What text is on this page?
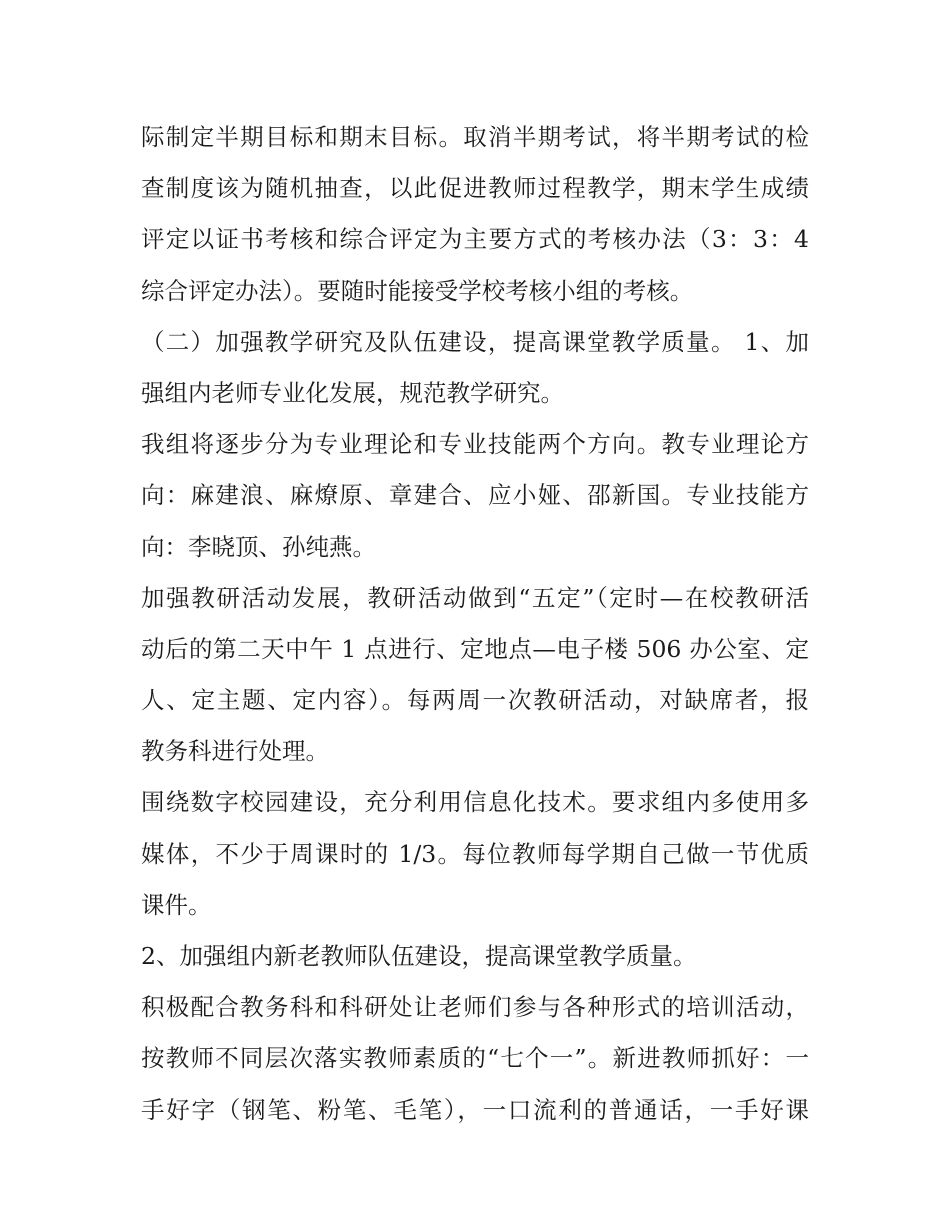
际制定半期目标和期末目标。取消半期考试，将半期考试的检
查制度该为随机抽查，以此促进教师过程教学，期末学生成绩
评定以证书考核和综合评定为主要方式的考核办法（3：3：4
综合评定办法）。要随时能接受学校考核小组的考核。
（二）加强教学研究及队伍建设，提高课堂教学质量。 1、加
强组内老师专业化发展，规范教学研究。
我组将逐步分为专业理论和专业技能两个方向。教专业理论方
向：麻建浪、麻燎原、章建合、应小娅、邵新国。专业技能方
向：李晓顶、孙纯燕。
加强教研活动发展，教研活动做到“五定”（定时—在校教研活
动后的第二天中午 1 点进行、定地点—电子楼 506 办公室、定
人、定主题、定内容）。每两周一次教研活动，对缺席者，报
教务科进行处理。
围绕数字校园建设，充分利用信息化技术。要求组内多使用多
媒体，不少于周课时的 1/3。每位教师每学期自己做一节优质
课件。
2、加强组内新老教师队伍建设，提高课堂教学质量。
积极配合教务科和科研处让老师们参与各种形式的培训活动，
按教师不同层次落实教师素质的“七个一”。新进教师抓好：一
手好字（钢笔、粉笔、毛笔），一口流利的普通话，一手好课
